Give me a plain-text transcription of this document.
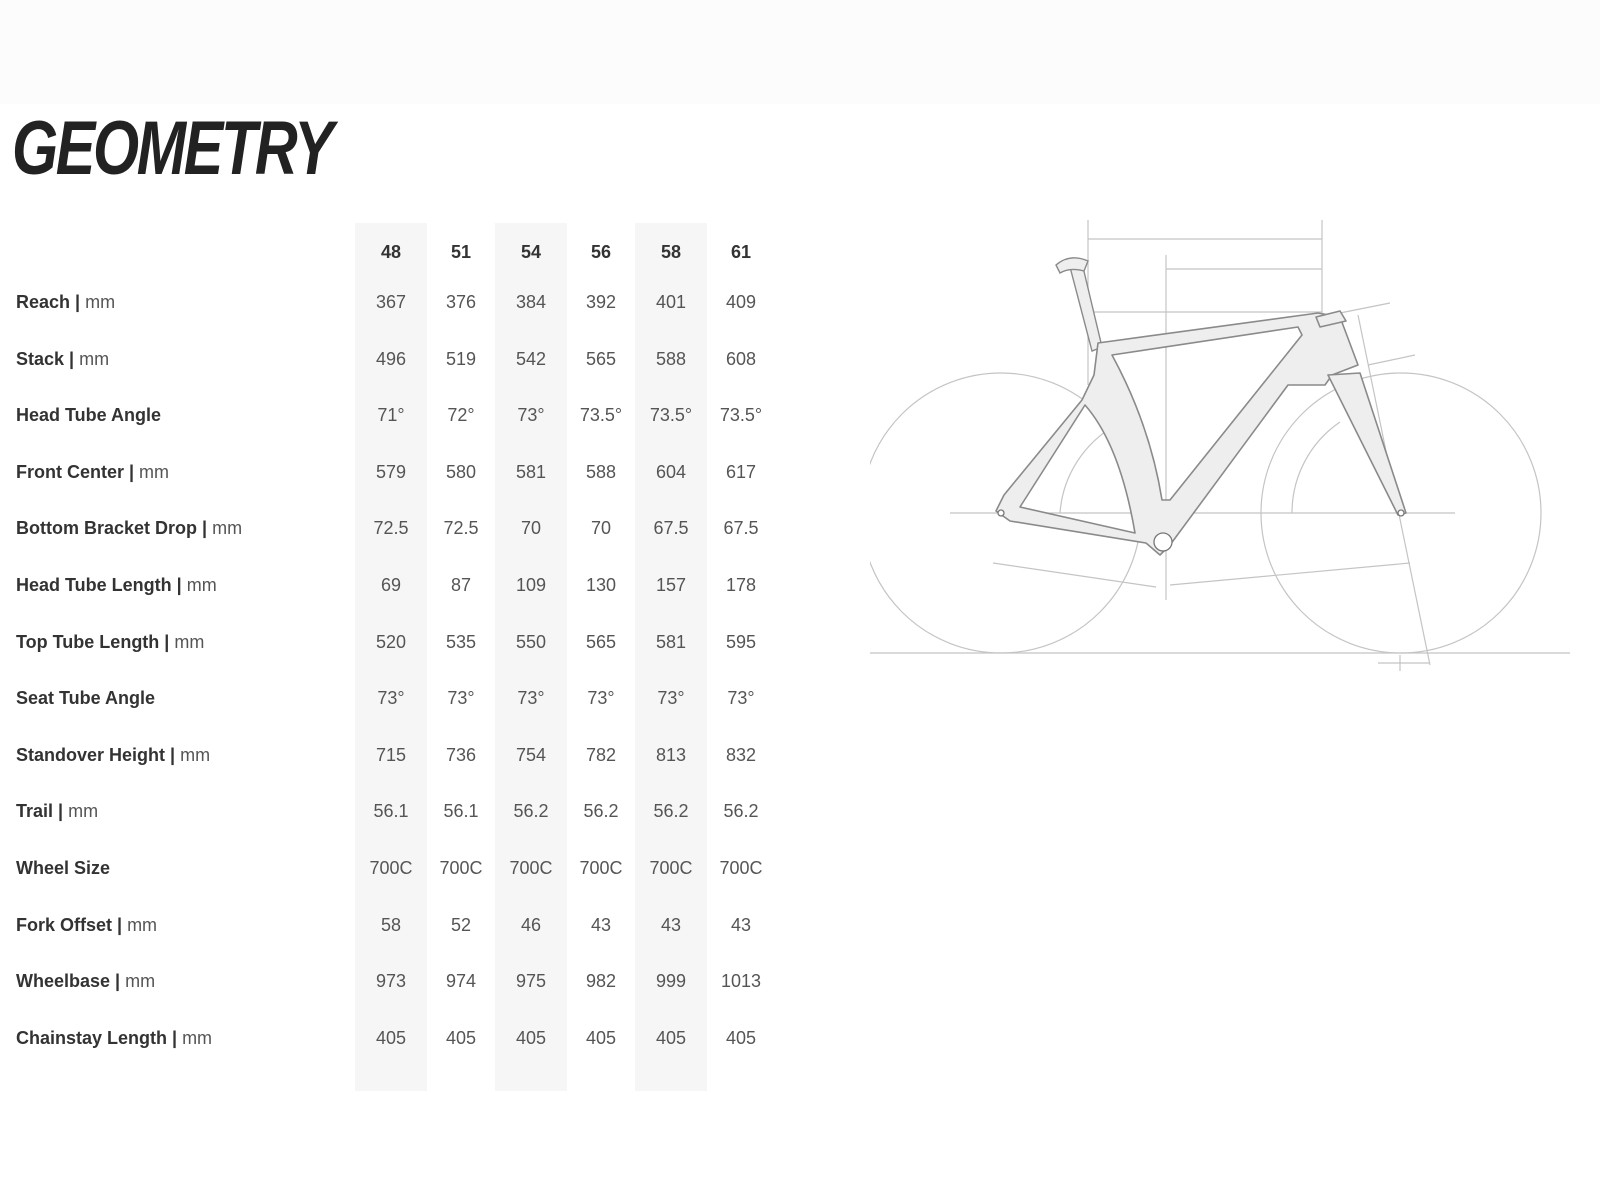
GEOMETRY
48	51	54	56	58	61
Reach | mm	367	376	384	392	401	409
Stack | mm	496	519	542	565	588	608
Head Tube Angle	71°	72°	73°	73.5°	73.5°	73.5°
Front Center | mm	579	580	581	588	604	617
Bottom Bracket Drop | mm	72.5	72.5	70	70	67.5	67.5
Head Tube Length | mm	69	87	109	130	157	178
Top Tube Length | mm	520	535	550	565	581	595
Seat Tube Angle	73°	73°	73°	73°	73°	73°
Standover Height | mm	715	736	754	782	813	832
Trail | mm	56.1	56.1	56.2	56.2	56.2	56.2
Wheel Size	700C	700C	700C	700C	700C	700C
Fork Offset | mm	58	52	46	43	43	43
Wheelbase | mm	973	974	975	982	999	1013
Chainstay Length | mm	405	405	405	405	405	405
